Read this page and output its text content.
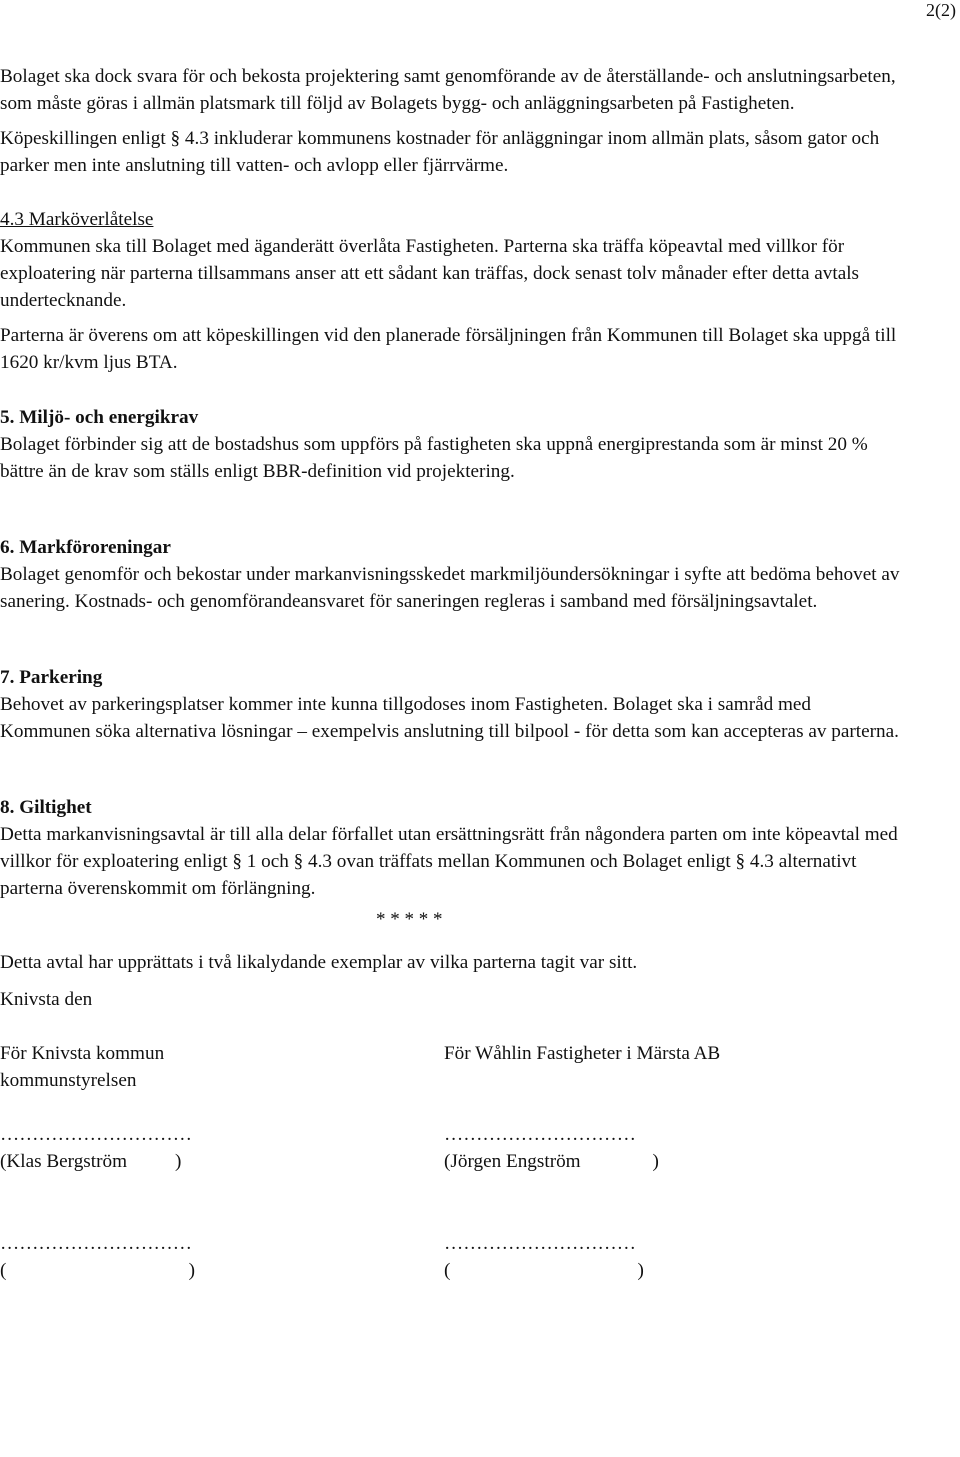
2(2)

Bolaget ska dock svara för och bekosta projektering samt genomförande av de återställande- och anslutningsarbeten, som måste göras i allmän platsmark till följd av Bolagets bygg- och anläggningsarbeten på Fastigheten.

Köpeskillingen enligt § 4.3 inkluderar kommunens kostnader för anläggningar inom allmän plats, såsom gator och parker men inte anslutning till vatten- och avlopp eller fjärrvärme.

4.3 Marköverlåtelse

Kommunen ska till Bolaget med äganderätt överlåta Fastigheten. Parterna ska träffa köpeavtal med villkor för exploatering när parterna tillsammans anser att ett sådant kan träffas, dock senast tolv månader efter detta avtals undertecknande.

Parterna är överens om att köpeskillingen vid den planerade försäljningen från Kommunen till Bolaget ska uppgå till 1620 kr/kvm ljus BTA.

5. Miljö- och energikrav

Bolaget förbinder sig att de bostadshus som uppförs på fastigheten ska uppnå energiprestanda som är minst 20 % bättre än de krav som ställs enligt BBR-definition vid projektering.

6. Markföroreningar

Bolaget genomför och bekostar under markanvisningsskedet markmiljöundersökningar i syfte att bedöma behovet av sanering. Kostnads- och genomförandeansvaret för saneringen regleras i samband med försäljningsavtalet.

7. Parkering

Behovet av parkeringsplatser kommer inte kunna tillgodoses inom Fastigheten. Bolaget ska i samråd med Kommunen söka alternativa lösningar – exempelvis anslutning till bilpool - för detta som kan accepteras av parterna.

8. Giltighet

Detta markanvisningsavtal är till alla delar förfallet utan ersättningsrätt från någondera parten om inte köpeavtal med villkor för exploatering enligt § 1 och § 4.3 ovan träffats mellan Kommunen och Bolaget enligt § 4.3 alternativt parterna överenskommit om förlängning.

* * * * *

Detta avtal har upprättats i två likalydande exemplar av vilka parterna tagit var sitt.

Knivsta den

För Knivsta kommun

kommunstyrelsen

För Wåhlin Fastigheter i Märsta AB

…………………………

(Klas Bergström          )

…………………………

(Jörgen Engström               )

…………………………

(                                      )

…………………………

(                                       )
